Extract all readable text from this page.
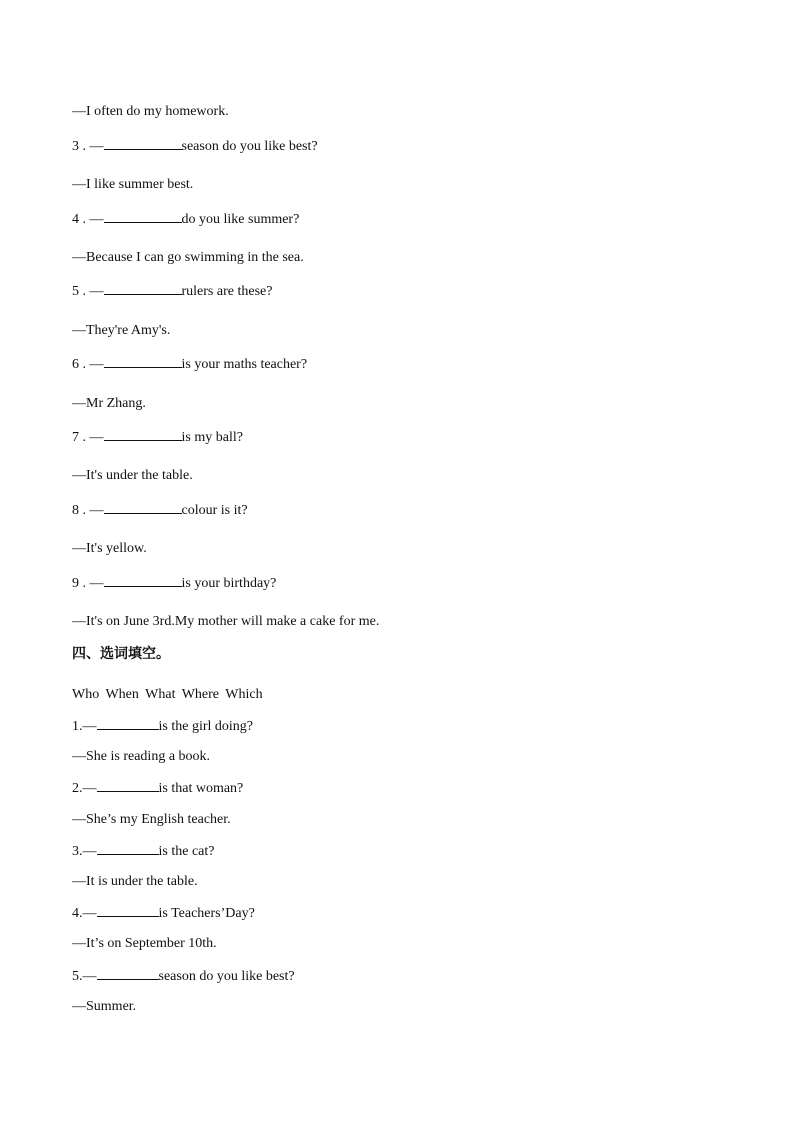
—I often do my homework.
3 . —	season do you like best?
—I like summer best.
4 . —	do you like summer?
—Because I can go swimming in the sea.
5 . —	rulers are these?
—They're Amy's.
6 . —	is your maths teacher?
—Mr Zhang.
7 . —	is my ball?
—It's under the table.
8 . —	colour is it?
—It's yellow.
9 . —	is your birthday?
—It's on June 3rd.My mother will make a cake for me.
四、选词填空。
Who When What Where Which
1.—	is the girl doing?
—She is reading a book.
2.—	is that woman?
—She’s my English teacher.
3.—	is the cat?
—It is under the table.
4.—	is Teachers’Day?
—It’s on September 10th.
5.—	season do you like best?
—Summer.
